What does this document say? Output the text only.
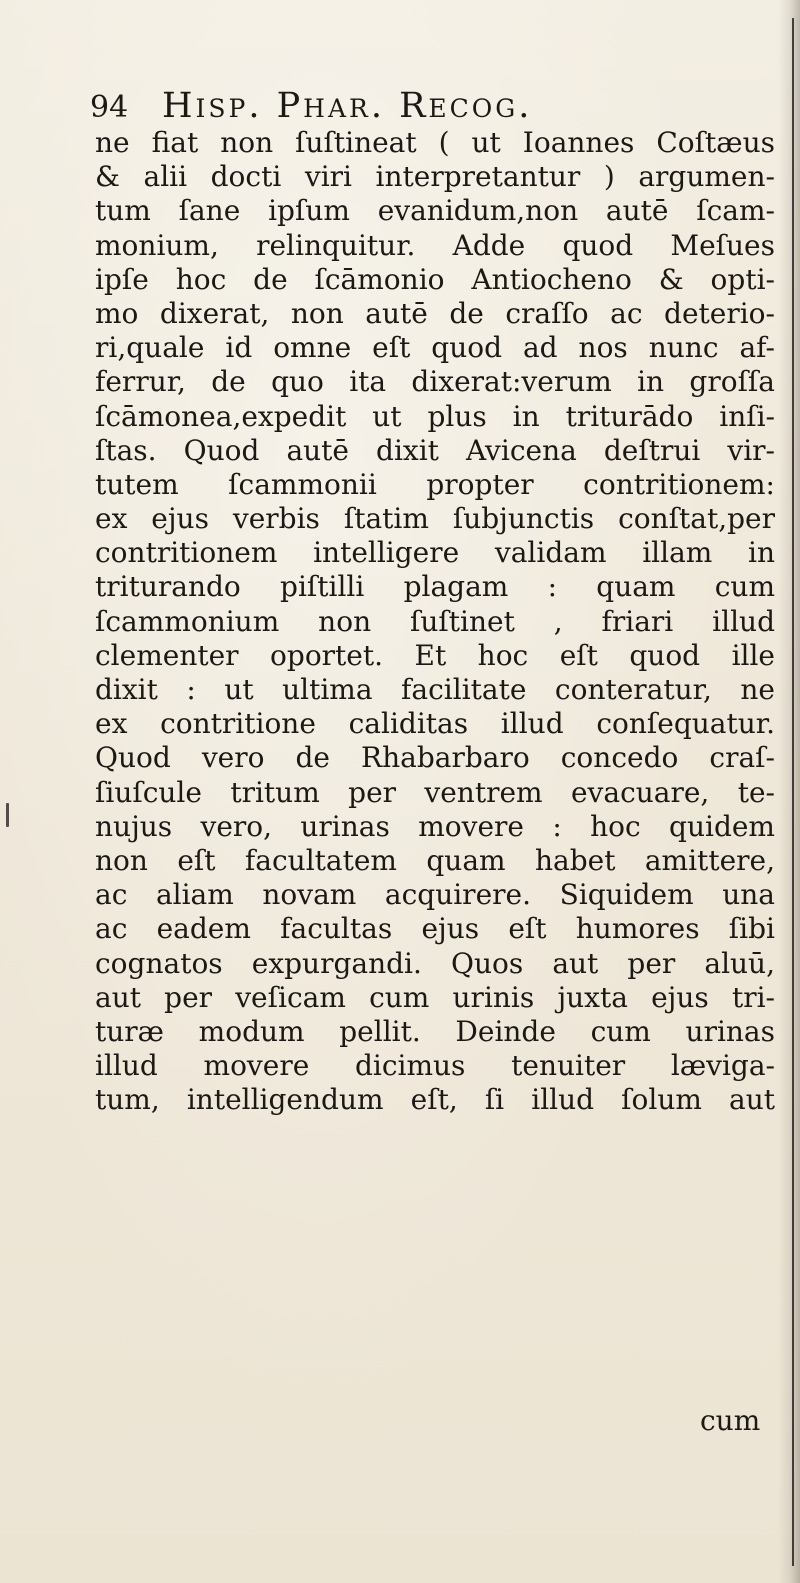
94 Hisp. Phar. Recog.
ne fiat non ſuſtineat ( ut Ioannes Coſtæus
& alii docti viri interpretantur ) argumen-
tum ſane ipſum evanidum,non autē ſcam-
monium, relinquitur. Adde quod Meſues
ipſe hoc de ſcāmonio Antiocheno & opti-
mo dixerat, non autē de craſſo ac deterio-
ri,quale id omne eſt quod ad nos nunc af-
ferrur, de quo ita dixerat:verum in groſſa
ſcāmonea,expedit ut plus in triturādo inſi-
ſtas. Quod autē dixit Avicena deſtrui vir-
tutem ſcammonii propter contritionem:
ex ejus verbis ſtatim ſubjunctis conſtat,per
contritionem intelligere validam illam in
triturando piſtilli plagam : quam cum
ſcammonium non ſuſtinet , friari illud
clementer oportet. Et hoc eſt quod ille
dixit : ut ultima facilitate conteratur, ne
ex contritione caliditas illud conſequatur.
Quod vero de Rhabarbaro concedo craſ-
ſiuſcule tritum per ventrem evacuare, te-
nujus vero, urinas movere : hoc quidem
non eſt facultatem quam habet amittere,
ac aliam novam acquirere. Siquidem una
ac eadem facultas ejus eſt humores ſibi
cognatos expurgandi. Quos aut per aluū,
aut per veſicam cum urinis juxta ejus tri-
turæ modum pellit. Deinde cum urinas
illud movere dicimus tenuiter læviga-
tum, intelligendum eſt, ſi illud ſolum aut
cum
